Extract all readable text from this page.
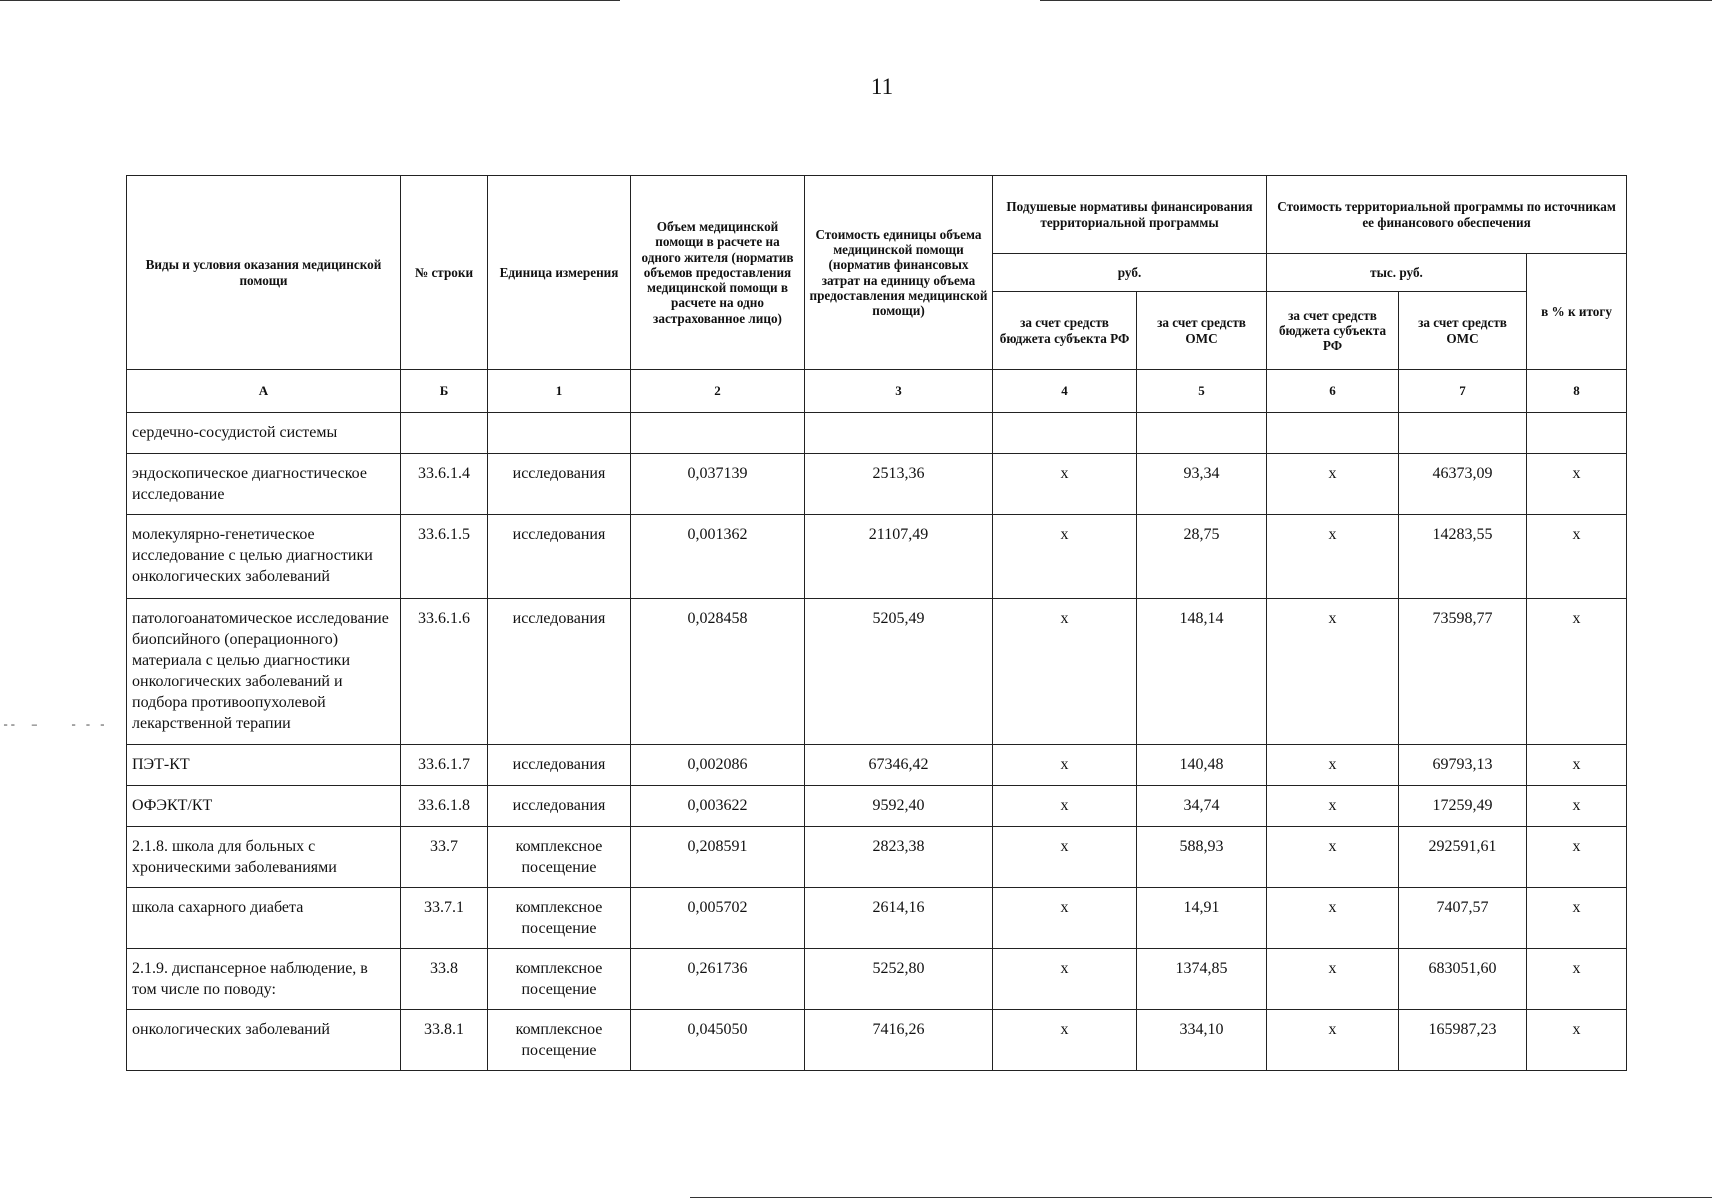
--  –	- - -
11
Виды и условия оказания медицинской помощи	№ строки	Единица измерения	Объем медицинской помощи в расчете на одного жителя (норматив объемов предоставления медицинской помощи в расчете на одно застрахованное лицо)	Стоимость единицы объема медицинской помощи (норматив финансовых затрат на единицу объема предоставления медицинской помощи)	Подушевые нормативы финансирования территориальной программы		Стоимость территориальной программы по источникам ее финансового обеспечения		
					руб.		тыс. руб.		в % к итогу
					за счет средств бюджета субъекта РФ	за счет средств ОМС	за счет средств бюджета субъекта РФ	за счет средств ОМС	
А	Б	1	2	3	4	5	6	7	8
сердечно-сосудистой системы									
эндоскопическое диагностическое исследование	33.6.1.4	исследования	0,037139	2513,36	x	93,34	x	46373,09	x
молекулярно-генетическое исследование с целью диагностики онкологических заболеваний	33.6.1.5	исследования	0,001362	21107,49	x	28,75	x	14283,55	x
патологоанатомическое исследование биопсийного (операционного) материала с целью диагностики онкологических заболеваний и подбора противоопухолевой лекарственной терапии	33.6.1.6	исследования	0,028458	5205,49	x	148,14	x	73598,77	x
ПЭТ-КТ	33.6.1.7	исследования	0,002086	67346,42	x	140,48	x	69793,13	x
ОФЭКТ/КТ	33.6.1.8	исследования	0,003622	9592,40	x	34,74	x	17259,49	x
2.1.8. школа для больных с хроническими заболеваниями	33.7	комплексное посещение	0,208591	2823,38	x	588,93	x	292591,61	x
школа сахарного диабета	33.7.1	комплексное посещение	0,005702	2614,16	x	14,91	x	7407,57	x
2.1.9. диспансерное наблюдение, в том числе по поводу:	33.8	комплексное посещение	0,261736	5252,80	x	1374,85	x	683051,60	x
онкологических заболеваний	33.8.1	комплексное посещение	0,045050	7416,26	x	334,10	x	165987,23	x
